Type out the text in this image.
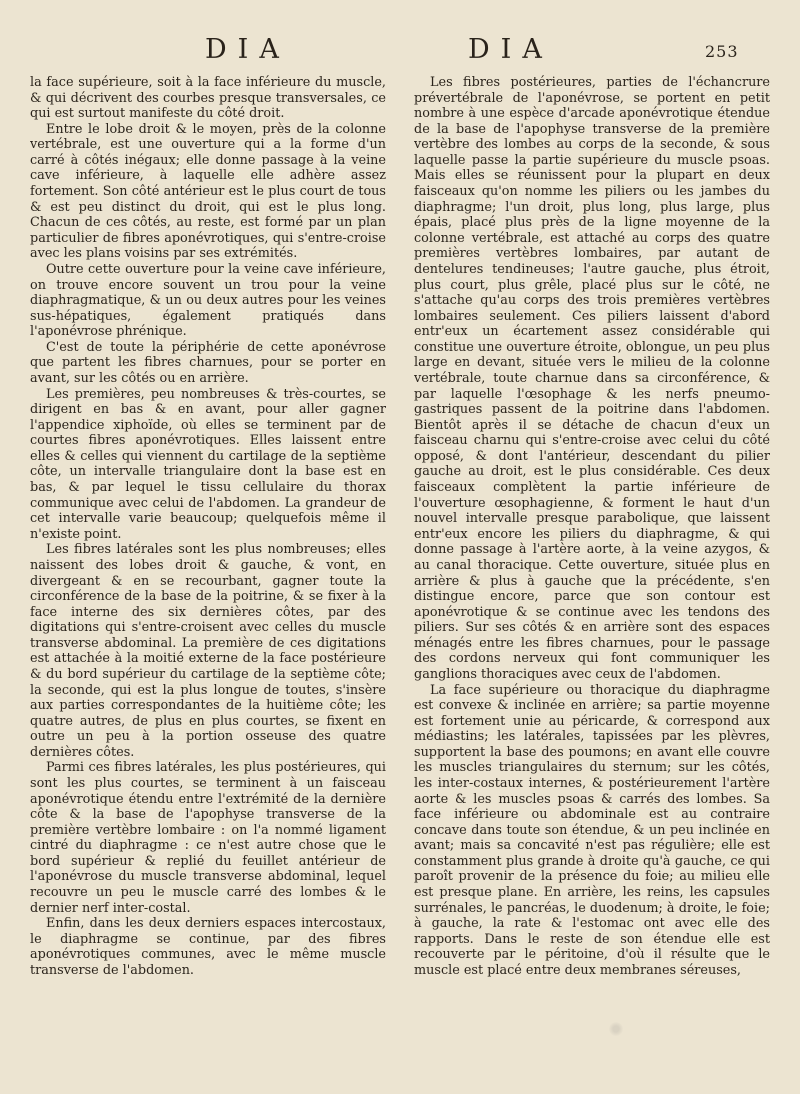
DIA	DIA	253

la face supérieure, soit à la face inférieure du muscle, & qui décrivent des courbes presque transversales, ce qui est surtout manifeste du côté droit.

Entre le lobe droit & le moyen, près de la colonne vertébrale, est une ouverture qui a la forme d'un carré à côtés inégaux; elle donne passage à la veine cave inférieure, à laquelle elle adhère assez fortement. Son côté antérieur est le plus court de tous & est peu distinct du droit, qui est le plus long. Chacun de ces côtés, au reste, est formé par un plan particulier de fibres aponévrotiques, qui s'entre-croise avec les plans voisins par ses extrémités.

Outre cette ouverture pour la veine cave inférieure, on trouve encore souvent un trou pour la veine diaphragmatique, & un ou deux autres pour les veines sus-hépatiques, également pratiqués dans l'aponévrose phrénique.

C'est de toute la périphérie de cette aponévrose que partent les fibres charnues, pour se porter en avant, sur les côtés ou en arrière.

Les premières, peu nombreuses & très-courtes, se dirigent en bas & en avant, pour aller gagner l'appendice xiphoïde, où elles se terminent par de courtes fibres aponévrotiques. Elles laissent entre elles & celles qui viennent du cartilage de la septième côte, un intervalle triangulaire dont la base est en bas, & par lequel le tissu cellulaire du thorax communique avec celui de l'abdomen. La grandeur de cet intervalle varie beaucoup; quelquefois même il n'existe point.

Les fibres latérales sont les plus nombreuses; elles naissent des lobes droit & gauche, & vont, en divergeant & en se recourbant, gagner toute la circonférence de la base de la poitrine, & se fixer à la face interne des six dernières côtes, par des digitations qui s'entre-croisent avec celles du muscle transverse abdominal. La première de ces digitations est attachée à la moitié externe de la face postérieure & du bord supérieur du cartilage de la septième côte; la seconde, qui est la plus longue de toutes, s'insère aux parties correspondantes de la huitième côte; les quatre autres, de plus en plus courtes, se fixent en outre un peu à la portion osseuse des quatre dernières côtes.

Parmi ces fibres latérales, les plus postérieures, qui sont les plus courtes, se terminent à un faisceau aponévrotique étendu entre l'extrémité de la dernière côte & la base de l'apophyse transverse de la première vertèbre lombaire : on l'a nommé ligament cintré du diaphragme : ce n'est autre chose que le bord supérieur & replié du feuillet antérieur de l'aponévrose du muscle transverse abdominal, lequel recouvre un peu le muscle carré des lombes & le dernier nerf inter-costal.

Enfin, dans les deux derniers espaces intercostaux, le diaphragme se continue, par des fibres aponévrotiques communes, avec le même muscle transverse de l'abdomen.

Les fibres postérieures, parties de l'échancrure prévertébrale de l'aponévrose, se portent en petit nombre à une espèce d'arcade aponévrotique étendue de la base de l'apophyse transverse de la première vertèbre des lombes au corps de la seconde, & sous laquelle passe la partie supérieure du muscle psoas. Mais elles se réunissent pour la plupart en deux faisceaux qu'on nomme les piliers ou les jambes du diaphragme; l'un droit, plus long, plus large, plus épais, placé plus près de la ligne moyenne de la colonne vertébrale, est attaché au corps des quatre premières vertèbres lombaires, par autant de dentelures tendineuses; l'autre gauche, plus étroit, plus court, plus grêle, placé plus sur le côté, ne s'attache qu'au corps des trois premières vertèbres lombaires seulement. Ces piliers laissent d'abord entr'eux un écartement assez considérable qui constitue une ouverture étroite, oblongue, un peu plus large en devant, située vers le milieu de la colonne vertébrale, toute charnue dans sa circonférence, & par laquelle l'œsophage & les nerfs pneumo-gastriques passent de la poitrine dans l'abdomen. Bientôt après il se détache de chacun d'eux un faisceau charnu qui s'entre-croise avec celui du côté opposé, & dont l'antérieur, descendant du pilier gauche au droit, est le plus considérable. Ces deux faisceaux complètent la partie inférieure de l'ouverture œsophagienne, & forment le haut d'un nouvel intervalle presque parabolique, que laissent entr'eux encore les piliers du diaphragme, & qui donne passage à l'artère aorte, à la veine azygos, & au canal thoracique. Cette ouverture, située plus en arrière & plus à gauche que la précédente, s'en distingue encore, parce que son contour est aponévrotique & se continue avec les tendons des piliers. Sur ses côtés & en arrière sont des espaces ménagés entre les fibres charnues, pour le passage des cordons nerveux qui font communiquer les ganglions thoraciques avec ceux de l'abdomen.

La face supérieure ou thoracique du diaphragme est convexe & inclinée en arrière; sa partie moyenne est fortement unie au péricarde, & correspond aux médiastins; les latérales, tapissées par les plèvres, supportent la base des poumons; en avant elle couvre les muscles triangulaires du sternum; sur les côtés, les inter-costaux internes, & postérieurement l'artère aorte & les muscles psoas & carrés des lombes. Sa face inférieure ou abdominale est au contraire concave dans toute son étendue, & un peu inclinée en avant; mais sa concavité n'est pas régulière; elle est constamment plus grande à droite qu'à gauche, ce qui paroît provenir de la présence du foie; au milieu elle est presque plane. En arrière, les reins, les capsules surrénales, le pancréas, le duodenum; à droite, le foie; à gauche, la rate & l'estomac ont avec elle des rapports. Dans le reste de son étendue elle est recouverte par le péritoine, d'où il résulte que le muscle est placé entre deux membranes séreuses,
